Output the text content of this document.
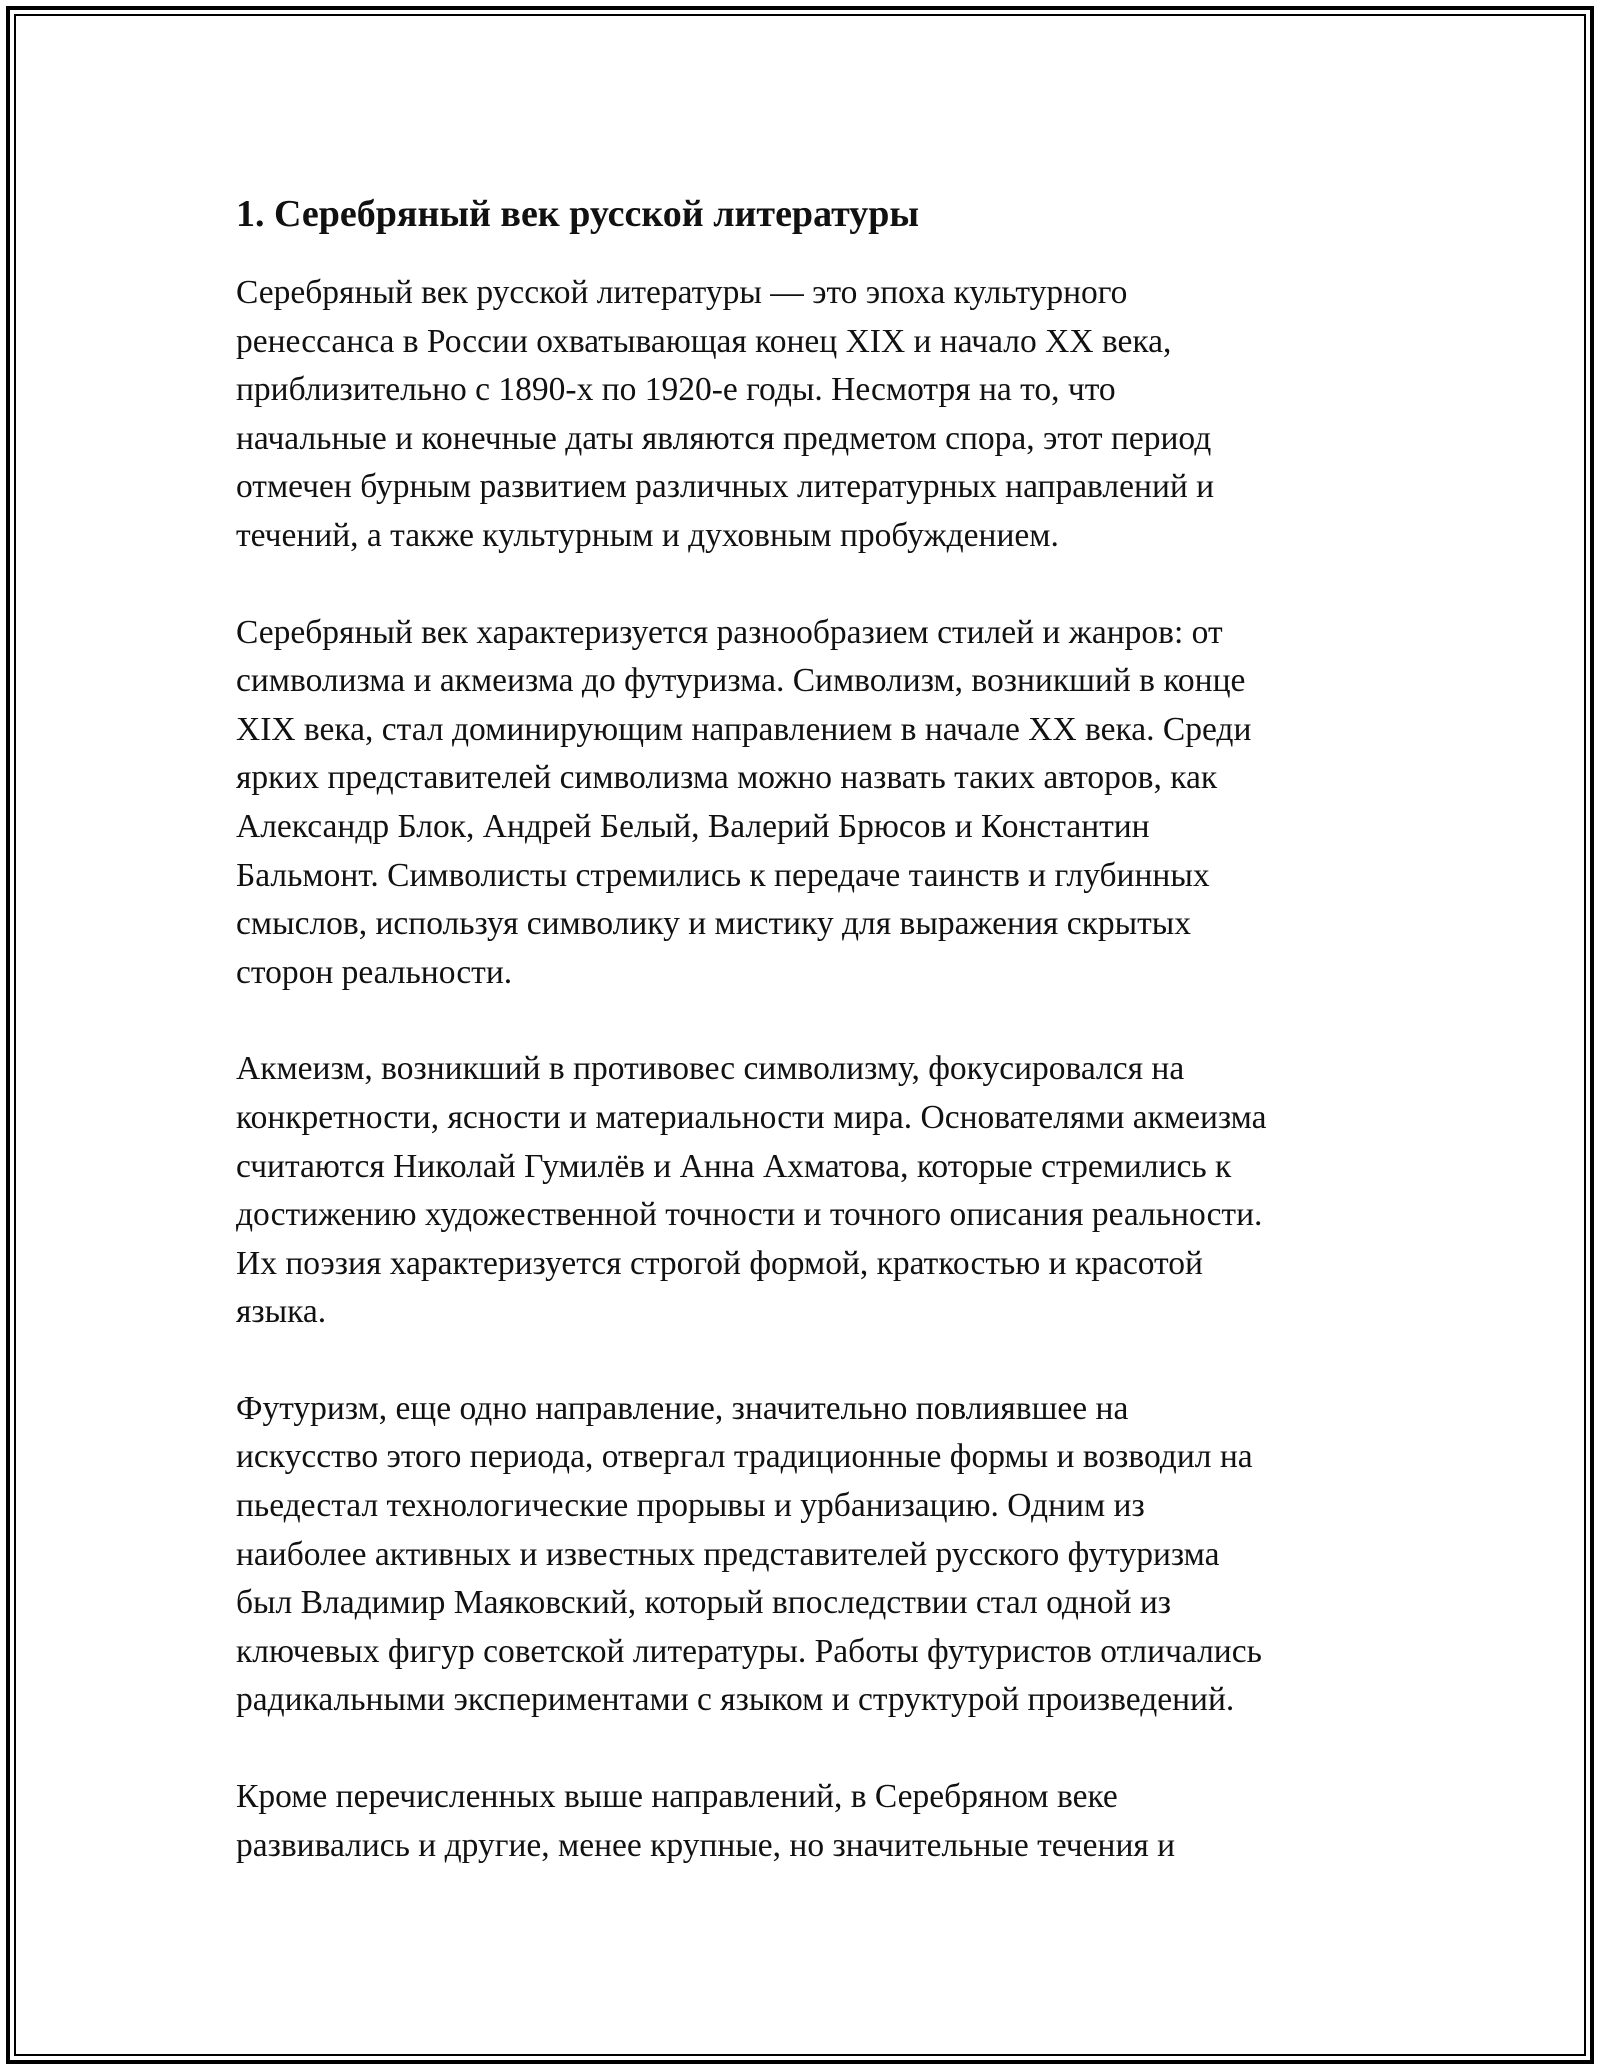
1. Серебряный век русской литературы

Серебряный век русской литературы — это эпоха культурного
ренессанса в России охватывающая конец XIX и начало XX века,
приблизительно с 1890-х по 1920-е годы. Несмотря на то, что
начальные и конечные даты являются предметом спора, этот период
отмечен бурным развитием различных литературных направлений и
течений, а также культурным и духовным пробуждением.

Серебряный век характеризуется разнообразием стилей и жанров: от
символизма и акмеизма до футуризма. Символизм, возникший в конце
XIX века, стал доминирующим направлением в начале XX века. Среди
ярких представителей символизма можно назвать таких авторов, как
Александр Блок, Андрей Белый, Валерий Брюсов и Константин
Бальмонт. Символисты стремились к передаче таинств и глубинных
смыслов, используя символику и мистику для выражения скрытых
сторон реальности.

Акмеизм, возникший в противовес символизму, фокусировался на
конкретности, ясности и материальности мира. Основателями акмеизма
считаются Николай Гумилёв и Анна Ахматова, которые стремились к
достижению художественной точности и точного описания реальности.
Их поэзия характеризуется строгой формой, краткостью и красотой
языка.

Футуризм, еще одно направление, значительно повлиявшее на
искусство этого периода, отвергал традиционные формы и возводил на
пьедестал технологические прорывы и урбанизацию. Одним из
наиболее активных и известных представителей русского футуризма
был Владимир Маяковский, который впоследствии стал одной из
ключевых фигур советской литературы. Работы футуристов отличались
радикальными экспериментами с языком и структурой произведений.

Кроме перечисленных выше направлений, в Серебряном веке
развивались и другие, менее крупные, но значительные течения и
